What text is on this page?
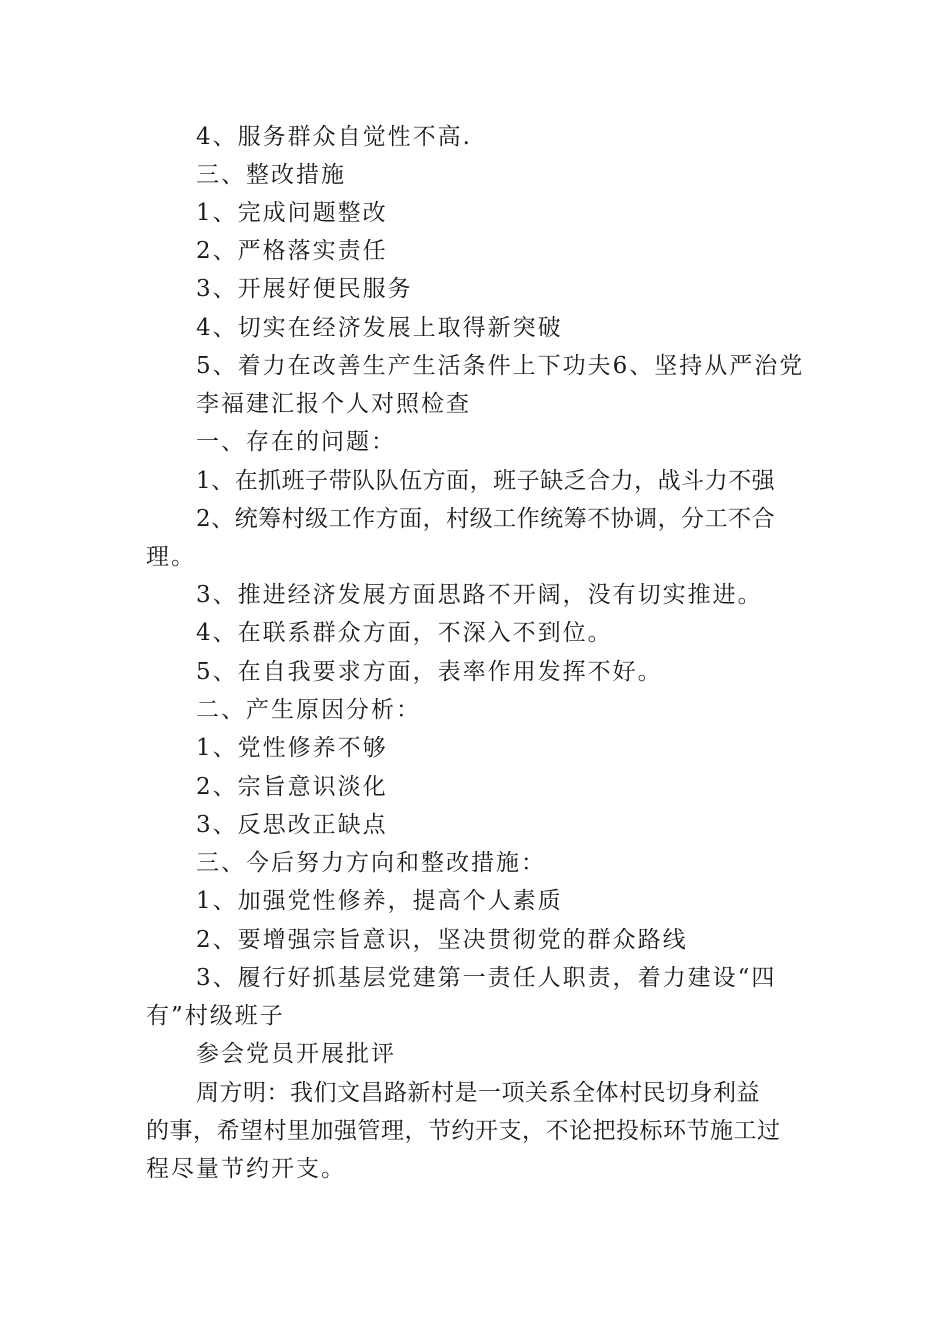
4、服务群众自觉性不高.

三、整改措施

1、完成问题整改

2、严格落实责任

3、开展好便民服务

4、切实在经济发展上取得新突破

5、着力在改善生产生活条件上下功夫6、坚持从严治党

李福建汇报个人对照检查

一、存在的问题：

1、在抓班子带队队伍方面，班子缺乏合力，战斗力不强

2、统筹村级工作方面，村级工作统筹不协调，分工不合

理。

3、推进经济发展方面思路不开阔，没有切实推进。

4、在联系群众方面，不深入不到位。

5、在自我要求方面，表率作用发挥不好。

二、产生原因分析：

1、党性修养不够

2、宗旨意识淡化

3、反思改正缺点

三、今后努力方向和整改措施：

1、加强党性修养，提高个人素质

2、要增强宗旨意识，坚决贯彻党的群众路线

3、履行好抓基层党建第一责任人职责，着力建设“四

有”村级班子

参会党员开展批评

周方明：我们文昌路新村是一项关系全体村民切身利益

的事，希望村里加强管理，节约开支，不论把投标环节施工过

程尽量节约开支。
